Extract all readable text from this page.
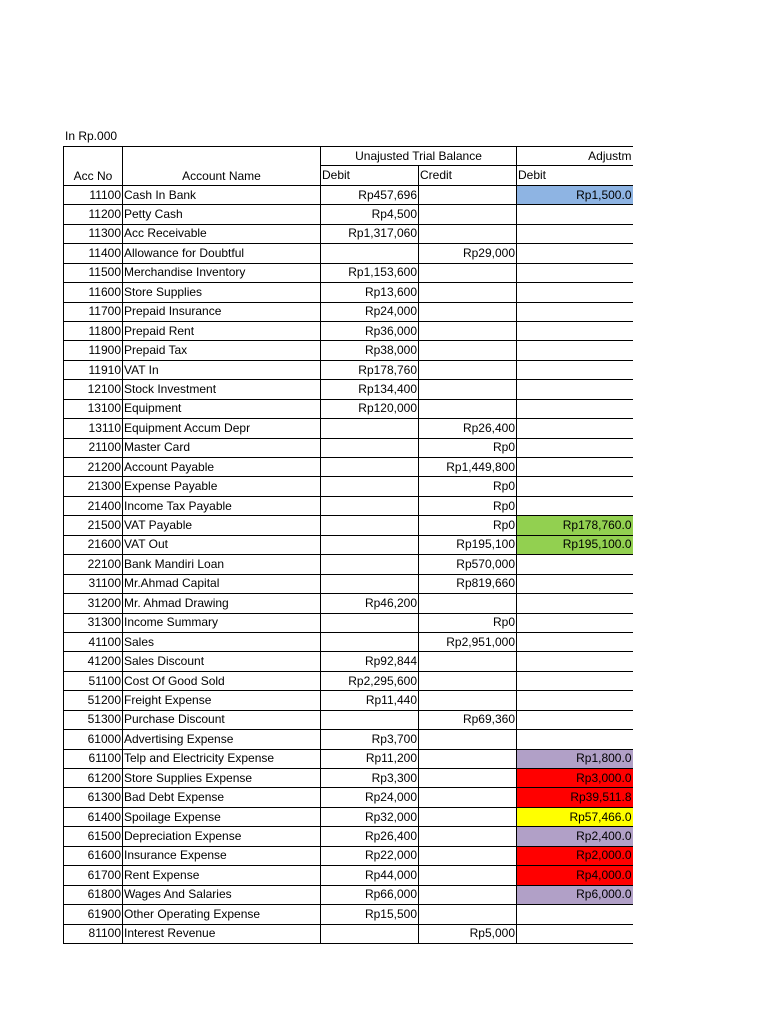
In Rp.000
		Unajusted Trial Balance		Adjustm
Acc No	Account Name	Debit	Credit	Debit
11100	Cash In Bank	Rp457,696		Rp1,500.0
11200	Petty Cash	Rp4,500		
11300	Acc Receivable	Rp1,317,060		
11400	Allowance for Doubtful		Rp29,000	
11500	Merchandise Inventory	Rp1,153,600		
11600	Store Supplies	Rp13,600		
11700	Prepaid Insurance	Rp24,000		
11800	Prepaid Rent	Rp36,000		
11900	Prepaid Tax	Rp38,000		
11910	VAT In	Rp178,760		
12100	Stock Investment	Rp134,400		
13100	Equipment	Rp120,000		
13110	Equipment Accum Depr		Rp26,400	
21100	Master Card		Rp0	
21200	Account Payable		Rp1,449,800	
21300	Expense Payable		Rp0	
21400	Income Tax Payable		Rp0	
21500	VAT Payable		Rp0	Rp178,760.0
21600	VAT Out		Rp195,100	Rp195,100.0
22100	Bank Mandiri Loan		Rp570,000	
31100	Mr.Ahmad Capital		Rp819,660	
31200	Mr. Ahmad Drawing	Rp46,200		
31300	Income Summary		Rp0	
41100	Sales		Rp2,951,000	
41200	Sales Discount	Rp92,844		
51100	Cost Of Good Sold	Rp2,295,600		
51200	Freight Expense	Rp11,440		
51300	Purchase Discount		Rp69,360	
61000	Advertising Expense	Rp3,700		
61100	Telp and Electricity Expense	Rp11,200		Rp1,800.0
61200	Store Supplies Expense	Rp3,300		Rp3,000.0
61300	Bad Debt Expense	Rp24,000		Rp39,511.8
61400	Spoilage Expense	Rp32,000		Rp57,466.0
61500	Depreciation Expense	Rp26,400		Rp2,400.0
61600	Insurance Expense	Rp22,000		Rp2,000.0
61700	Rent Expense	Rp44,000		Rp4,000.0
61800	Wages And Salaries	Rp66,000		Rp6,000.0
61900	Other Operating Expense	Rp15,500		
81100	Interest Revenue		Rp5,000	
